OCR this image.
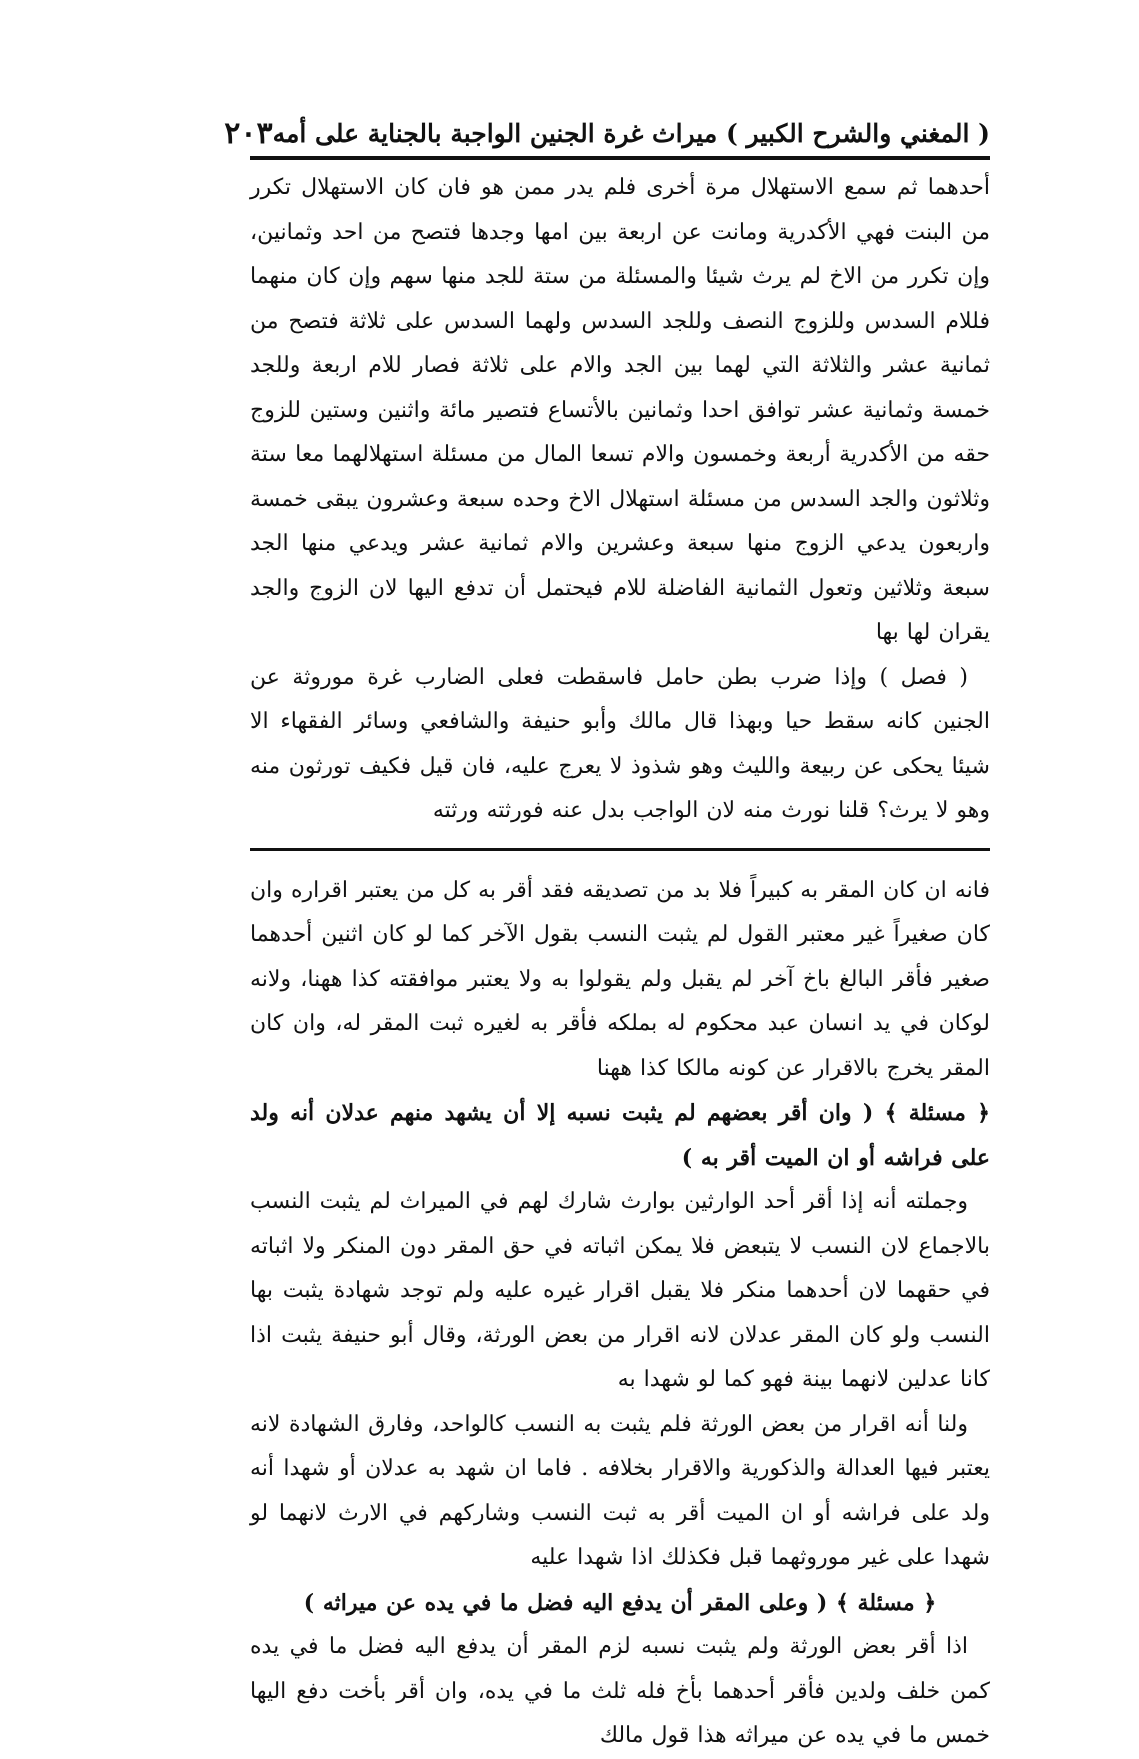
( المغني والشرح الكبير ) ميراث غرة الجنين الواجبة بالجناية على أمه
٢٠٣

أحدهما ثم سمع الاستهلال مرة أخرى فلم يدر ممن هو فان كان الاستهلال تكرر من البنت فهي الأكدرية ومانت عن اربعة بين امها وجدها فتصح من احد وثمانين، وإن تكرر من الاخ لم يرث شيئا والمسئلة من ستة للجد منها سهم وإن كان منهما فللام السدس وللزوج النصف وللجد السدس ولهما السدس على ثلاثة فتصح من ثمانية عشر والثلاثة التي لهما بين الجد والام على ثلاثة فصار للام اربعة وللجد خمسة وثمانية عشر توافق احدا وثمانين بالأتساع فتصير مائة واثنين وستين للزوج حقه من الأكدرية أربعة وخمسون والام تسعا المال من مسئلة استهلالهما معا ستة وثلاثون والجد السدس من مسئلة استهلال الاخ وحده سبعة وعشرون يبقى خمسة واربعون يدعي الزوج منها سبعة وعشرين والام ثمانية عشر ويدعي منها الجد سبعة وثلاثين وتعول الثمانية الفاضلة للام فيحتمل أن تدفع اليها لان الزوج والجد يقران لها بها

( فصل ) وإذا ضرب بطن حامل فاسقطت فعلى الضارب غرة موروثة عن الجنين كانه سقط حيا وبهذا قال مالك وأبو حنيفة والشافعي وسائر الفقهاء الا شيئا يحكى عن ربيعة والليث وهو شذوذ لا يعرج عليه، فان قيل فكيف تورثون منه وهو لا يرث؟ قلنا نورث منه لان الواجب بدل عنه فورثته ورثته

فانه ان كان المقر به كبيراً فلا بد من تصديقه فقد أقر به كل من يعتبر اقراره وان كان صغيراً غير معتبر القول لم يثبت النسب بقول الآخر كما لو كان اثنين أحدهما صغير فأقر البالغ باخ آخر لم يقبل ولم يقولوا به ولا يعتبر موافقته كذا ههنا، ولانه لوكان في يد انسان عبد محكوم له بملكه فأقر به لغيره ثبت المقر له، وان كان المقر يخرج بالاقرار عن كونه مالكا كذا ههنا

﴿ مسئلة ﴾ ( وان أقر بعضهم لم يثبت نسبه إلا أن يشهد منهم عدلان أنه ولد على فراشه أو ان الميت أقر به )

وجملته أنه إذا أقر أحد الوارثين بوارث شارك لهم في الميراث لم يثبت النسب بالاجماع لان النسب لا يتبعض فلا يمكن اثباته في حق المقر دون المنكر ولا اثباته في حقهما لان أحدهما منكر فلا يقبل اقرار غيره عليه ولم توجد شهادة يثبت بها النسب ولو كان المقر عدلان لانه اقرار من بعض الورثة، وقال أبو حنيفة يثبت اذا كانا عدلين لانهما بينة فهو كما لو شهدا به

ولنا أنه اقرار من بعض الورثة فلم يثبت به النسب كالواحد، وفارق الشهادة لانه يعتبر فيها العدالة والذكورية والاقرار بخلافه . فاما ان شهد به عدلان أو شهدا أنه ولد على فراشه أو ان الميت أقر به ثبت النسب وشاركهم في الارث لانهما لو شهدا على غير موروثهما قبل فكذلك اذا شهدا عليه

﴿ مسئلة ﴾ ( وعلى المقر أن يدفع اليه فضل ما في يده عن ميراثه )

اذا أقر بعض الورثة ولم يثبت نسبه لزم المقر أن يدفع اليه فضل ما في يده كمن خلف ولدين فأقر أحدهما بأخ فله ثلث ما في يده، وان أقر بأخت دفع اليها خمس ما في يده عن ميراثه هذا قول مالك
